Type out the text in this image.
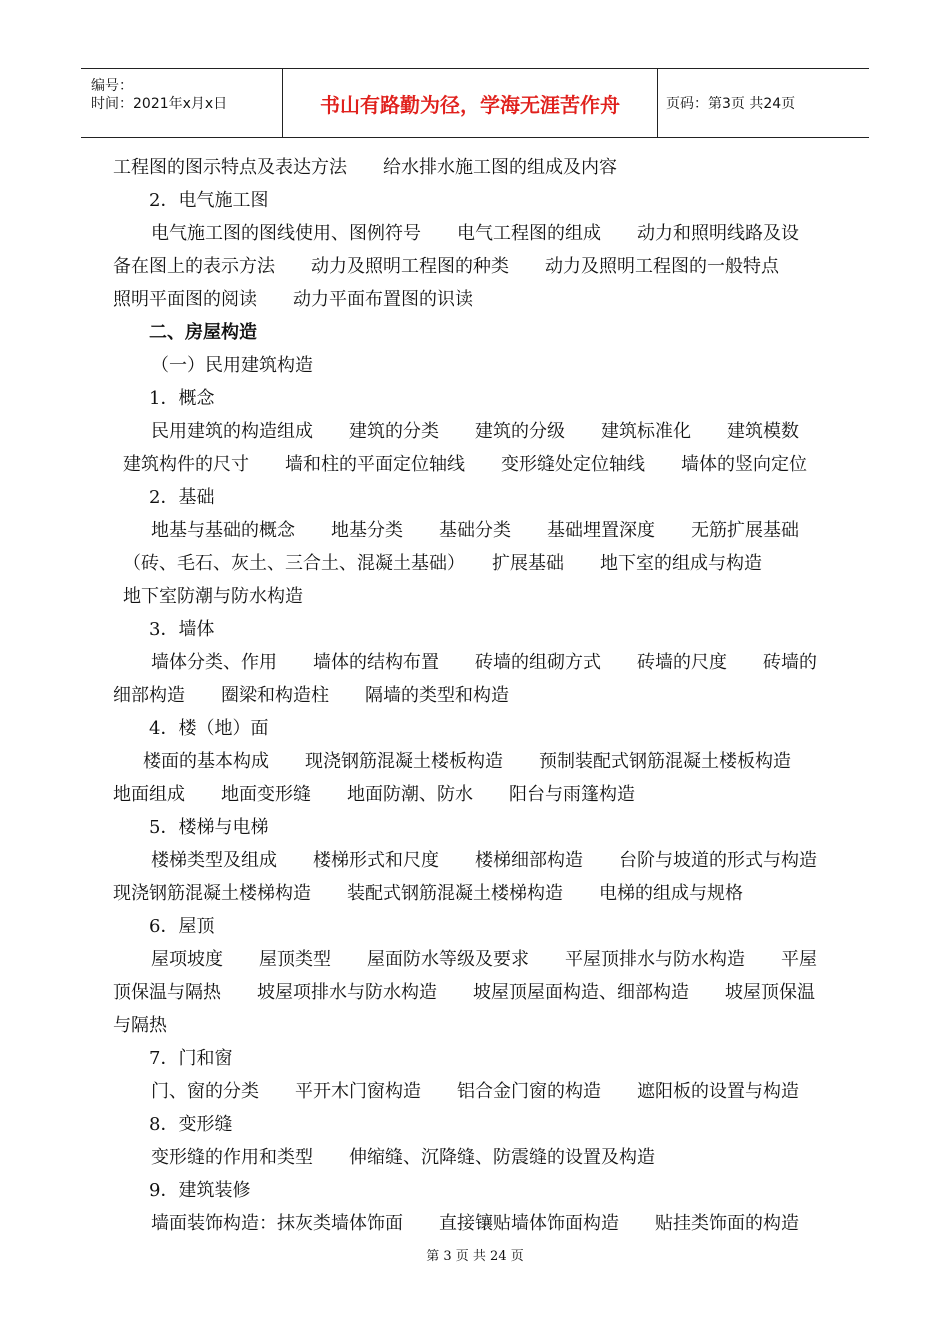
编号：
时间：2021年x月x日	书山有路勤为径，学海无涯苦作舟	页码：第3页 共24页
工程图的图示特点及表达方法　　给水排水施工图的组成及内容
2．电气施工图
电气施工图的图线使用、图例符号　　电气工程图的组成　　动力和照明线路及设
备在图上的表示方法　　动力及照明工程图的种类　　动力及照明工程图的一般特点
照明平面图的阅读　　动力平面布置图的识读
二、房屋构造
（一）民用建筑构造
1．概念
民用建筑的构造组成　　建筑的分类　　建筑的分级　　建筑标准化　　建筑模数
建筑构件的尺寸　　墙和柱的平面定位轴线　　变形缝处定位轴线　　墙体的竖向定位
2．基础
地基与基础的概念　　地基分类　　基础分类　　基础埋置深度　　无筋扩展基础
（砖、毛石、灰土、三合土、混凝土基础）　　扩展基础　　地下室的组成与构造
地下室防潮与防水构造
3．墙体
墙体分类、作用　　墙体的结构布置　　砖墙的组砌方式　　砖墙的尺度　　砖墙的
细部构造　　圈梁和构造柱　　隔墙的类型和构造
4．楼（地）面
楼面的基本构成　　现浇钢筋混凝土楼板构造　　预制装配式钢筋混凝土楼板构造
地面组成　　地面变形缝　　地面防潮、防水　　阳台与雨篷构造
5．楼梯与电梯
楼梯类型及组成　　楼梯形式和尺度　　楼梯细部构造　　台阶与坡道的形式与构造
现浇钢筋混凝土楼梯构造　　装配式钢筋混凝土楼梯构造　　电梯的组成与规格
6．屋顶
屋项坡度　　屋顶类型　　屋面防水等级及要求　　平屋顶排水与防水构造　　平屋
顶保温与隔热　　坡屋项排水与防水构造　　坡屋顶屋面构造、细部构造　　坡屋顶保温
与隔热
7．门和窗
门、窗的分类　　平开木门窗构造　　铝合金门窗的构造　　遮阳板的设置与构造
8．变形缝
变形缝的作用和类型　　伸缩缝、沉降缝、防震缝的设置及构造
9．建筑装修
墙面装饰构造：抹灰类墙体饰面　　直接镶贴墙体饰面构造　　贴挂类饰面的构造
第 3 页 共 24 页
